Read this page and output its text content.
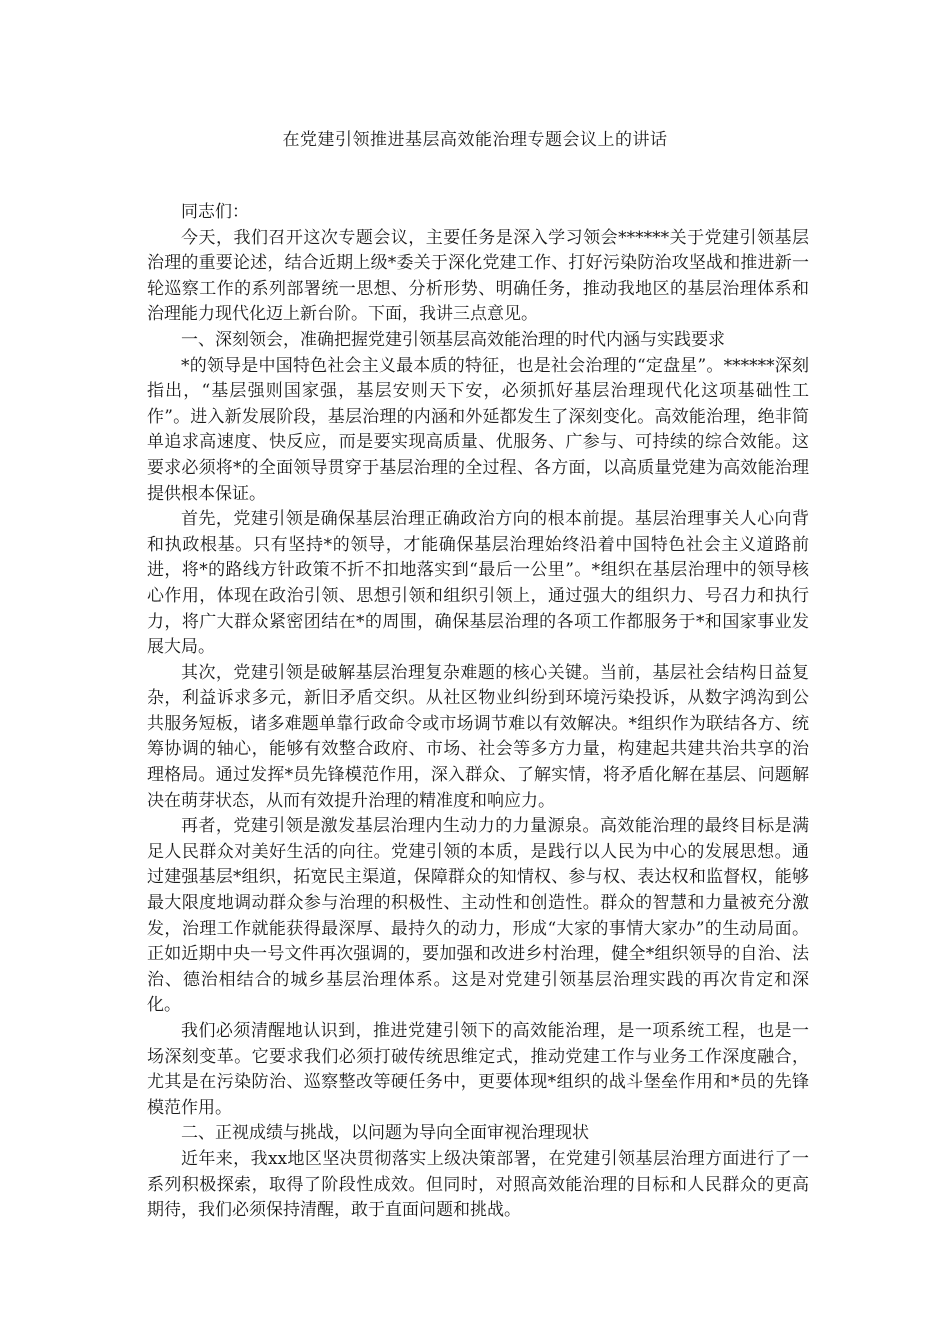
在党建引领推进基层高效能治理专题会议上的讲话

同志们：

今天，我们召开这次专题会议，主要任务是深入学习领会******关于党建引领基层治理的重要论述，结合近期上级*委关于深化党建工作、打好污染防治攻坚战和推进新一轮巡察工作的系列部署统一思想、分析形势、明确任务，推动我地区的基层治理体系和治理能力现代化迈上新台阶。下面，我讲三点意见。

一、深刻领会，准确把握党建引领基层高效能治理的时代内涵与实践要求

*的领导是中国特色社会主义最本质的特征，也是社会治理的“定盘星”。******深刻指出，“基层强则国家强，基层安则天下安，必须抓好基层治理现代化这项基础性工作”。进入新发展阶段，基层治理的内涵和外延都发生了深刻变化。高效能治理，绝非简单追求高速度、快反应，而是要实现高质量、优服务、广参与、可持续的综合效能。这要求必须将*的全面领导贯穿于基层治理的全过程、各方面，以高质量党建为高效能治理提供根本保证。

首先，党建引领是确保基层治理正确政治方向的根本前提。基层治理事关人心向背和执政根基。只有坚持*的领导，才能确保基层治理始终沿着中国特色社会主义道路前进，将*的路线方针政策不折不扣地落实到“最后一公里”。*组织在基层治理中的领导核心作用，体现在政治引领、思想引领和组织引领上，通过强大的组织力、号召力和执行力，将广大群众紧密团结在*的周围，确保基层治理的各项工作都服务于*和国家事业发展大局。

其次，党建引领是破解基层治理复杂难题的核心关键。当前，基层社会结构日益复杂，利益诉求多元，新旧矛盾交织。从社区物业纠纷到环境污染投诉，从数字鸿沟到公共服务短板，诸多难题单靠行政命令或市场调节难以有效解决。*组织作为联结各方、统筹协调的轴心，能够有效整合政府、市场、社会等多方力量，构建起共建共治共享的治理格局。通过发挥*员先锋模范作用，深入群众、了解实情，将矛盾化解在基层、问题解决在萌芽状态，从而有效提升治理的精准度和响应力。

再者，党建引领是激发基层治理内生动力的力量源泉。高效能治理的最终目标是满足人民群众对美好生活的向往。党建引领的本质，是践行以人民为中心的发展思想。通过建强基层*组织，拓宽民主渠道，保障群众的知情权、参与权、表达权和监督权，能够最大限度地调动群众参与治理的积极性、主动性和创造性。群众的智慧和力量被充分激发，治理工作就能获得最深厚、最持久的动力，形成“大家的事情大家办”的生动局面。正如近期中央一号文件再次强调的，要加强和改进乡村治理，健全*组织领导的自治、法治、德治相结合的城乡基层治理体系。这是对党建引领基层治理实践的再次肯定和深化。

我们必须清醒地认识到，推进党建引领下的高效能治理，是一项系统工程，也是一场深刻变革。它要求我们必须打破传统思维定式，推动党建工作与业务工作深度融合，尤其是在污染防治、巡察整改等硬任务中，更要体现*组织的战斗堡垒作用和*员的先锋模范作用。

二、正视成绩与挑战，以问题为导向全面审视治理现状

近年来，我xx地区坚决贯彻落实上级决策部署，在党建引领基层治理方面进行了一系列积极探索，取得了阶段性成效。但同时，对照高效能治理的目标和人民群众的更高期待，我们必须保持清醒，敢于直面问题和挑战。
